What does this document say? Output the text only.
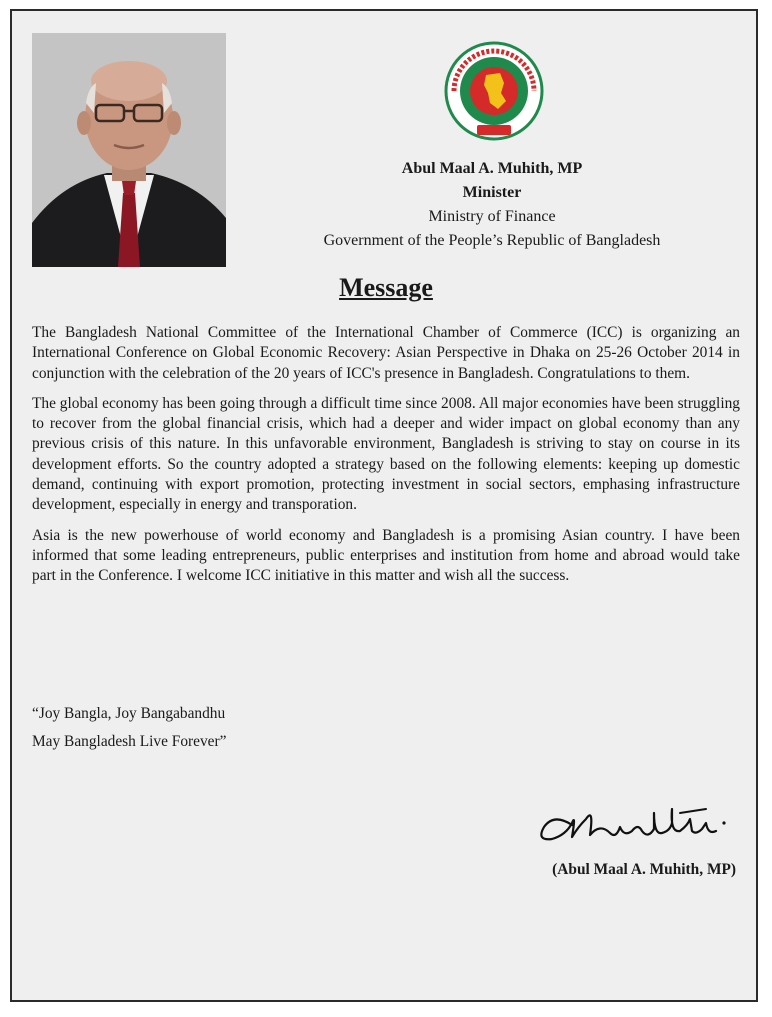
Abul Maal A. Muhith, MP
Minister
Ministry of Finance
Government of the People’s Republic of Bangladesh
Message

The Bangladesh National Committee of the International Chamber of Commerce (ICC) is organizing an International Conference on Global Economic Recovery: Asian Perspective in Dhaka on 25-26 October 2014 in conjunction with the celebration of the 20 years of ICC's presence in Bangladesh. Congratulations to them.

The global economy has been going through a difficult time since 2008. All major economies have been struggling to recover from the global financial crisis, which had a deeper and wider impact on global economy than any previous crisis of this nature. In this unfavorable environment, Bangladesh is striving to stay on course in its development efforts. So the country adopted a strategy based on the following elements: keeping up domestic demand, continuing with export promotion, protecting investment in social sectors, emphasing infrastructure development, especially in energy and transporation.

Asia is the new powerhouse of world economy and Bangladesh is a promising Asian country. I have been informed that some leading entrepreneurs, public enterprises and institution from home and abroad would take part in the Conference. I welcome ICC initiative in this matter and wish all the success.

“Joy Bangla, Joy Bangabandhu
May Bangladesh Live Forever”
(Abul Maal A. Muhith, MP)
